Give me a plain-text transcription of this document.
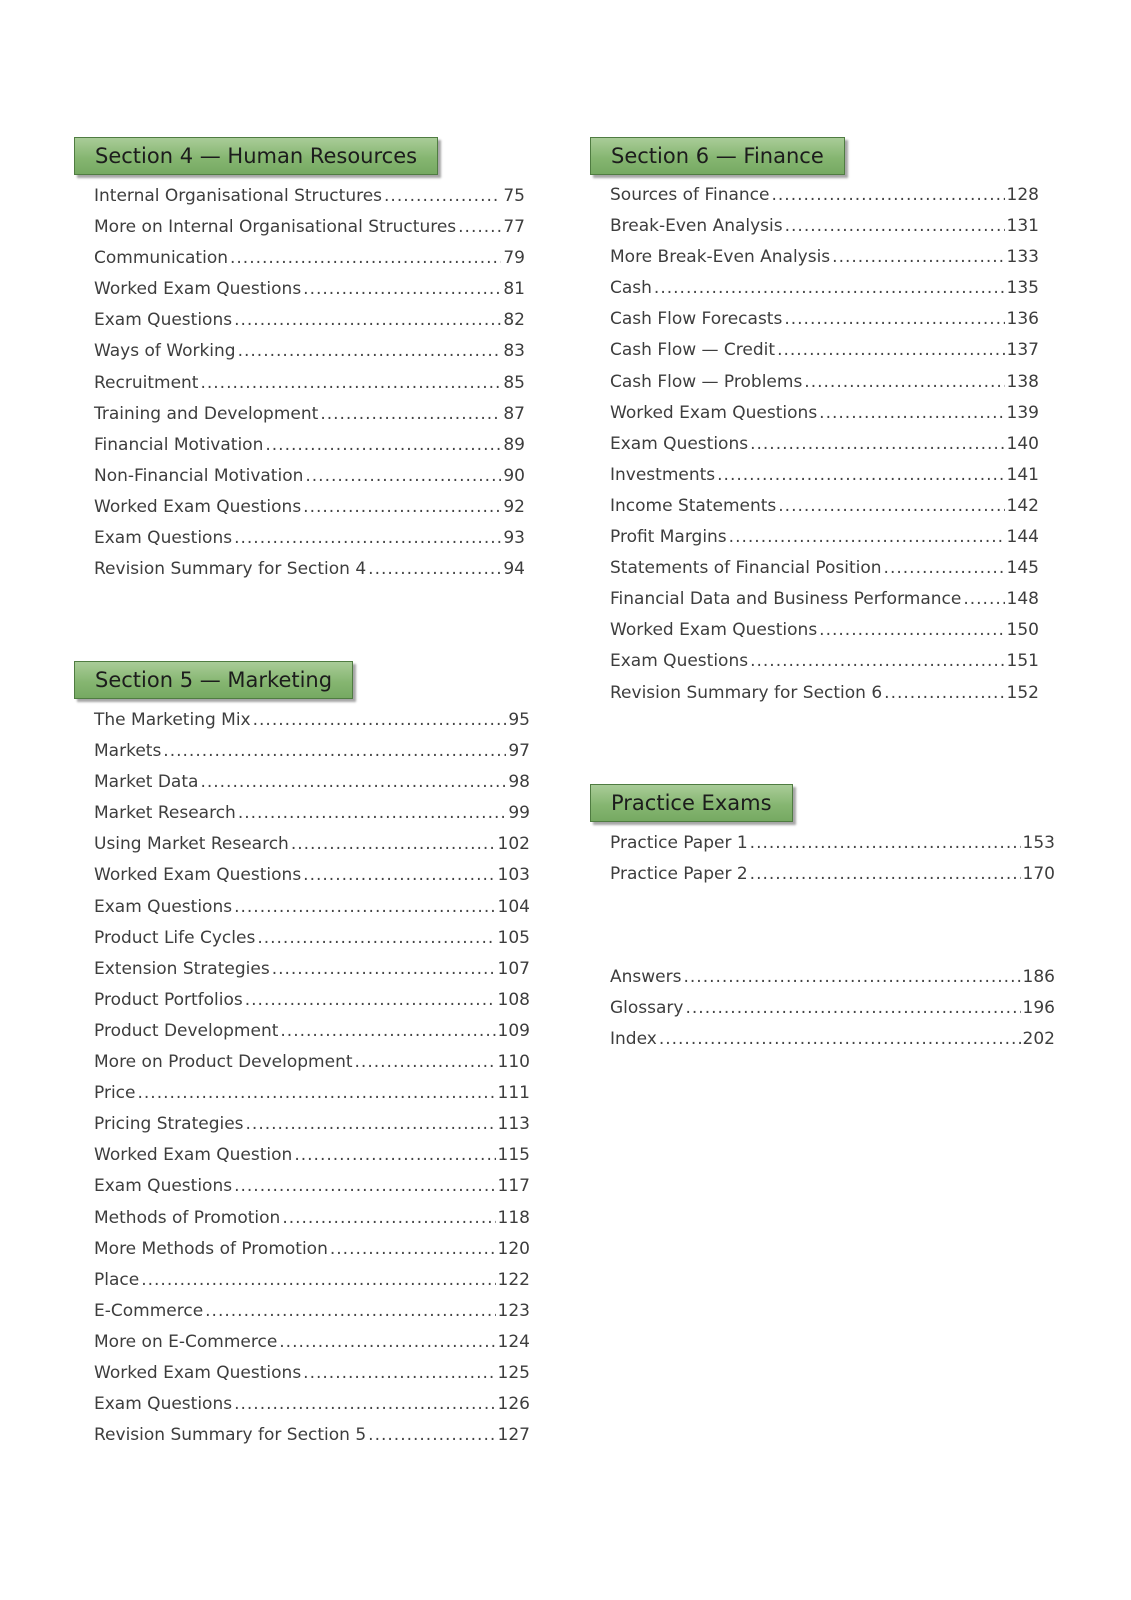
Section 4 — Human Resources
Internal Organisational Structures .....	75
More on Internal Organisational Structures .....	77
Communication .....	79
Worked Exam Questions .....	81
Exam Questions .....	82
Ways of Working .....	83
Recruitment .....	85
Training and Development .....	87
Financial Motivation .....	89
Non-Financial Motivation .....	90
Worked Exam Questions .....	92
Exam Questions .....	93
Revision Summary for Section 4 .....	94
Section 5 — Marketing
The Marketing Mix .....	95
Markets .....	97
Market Data .....	98
Market Research .....	99
Using Market Research .....	102
Worked Exam Questions .....	103
Exam Questions .....	104
Product Life Cycles .....	105
Extension Strategies .....	107
Product Portfolios .....	108
Product Development .....	109
More on Product Development .....	110
Price .....	111
Pricing Strategies .....	113
Worked Exam Question .....	115
Exam Questions .....	117
Methods of Promotion .....	118
More Methods of Promotion .....	120
Place .....	122
E-Commerce .....	123
More on E-Commerce .....	124
Worked Exam Questions .....	125
Exam Questions .....	126
Revision Summary for Section 5 .....	127
Section 6 — Finance
Sources of Finance .....	128
Break-Even Analysis .....	131
More Break-Even Analysis .....	133
Cash .....	135
Cash Flow Forecasts .....	136
Cash Flow — Credit .....	137
Cash Flow — Problems .....	138
Worked Exam Questions .....	139
Exam Questions .....	140
Investments .....	141
Income Statements .....	142
Profit Margins .....	144
Statements of Financial Position .....	145
Financial Data and Business Performance .....	148
Worked Exam Questions .....	150
Exam Questions .....	151
Revision Summary for Section 6 .....	152
Practice Exams
Practice Paper 1 .....	153
Practice Paper 2 .....	170
Answers .....	186
Glossary .....	196
Index .....	202
